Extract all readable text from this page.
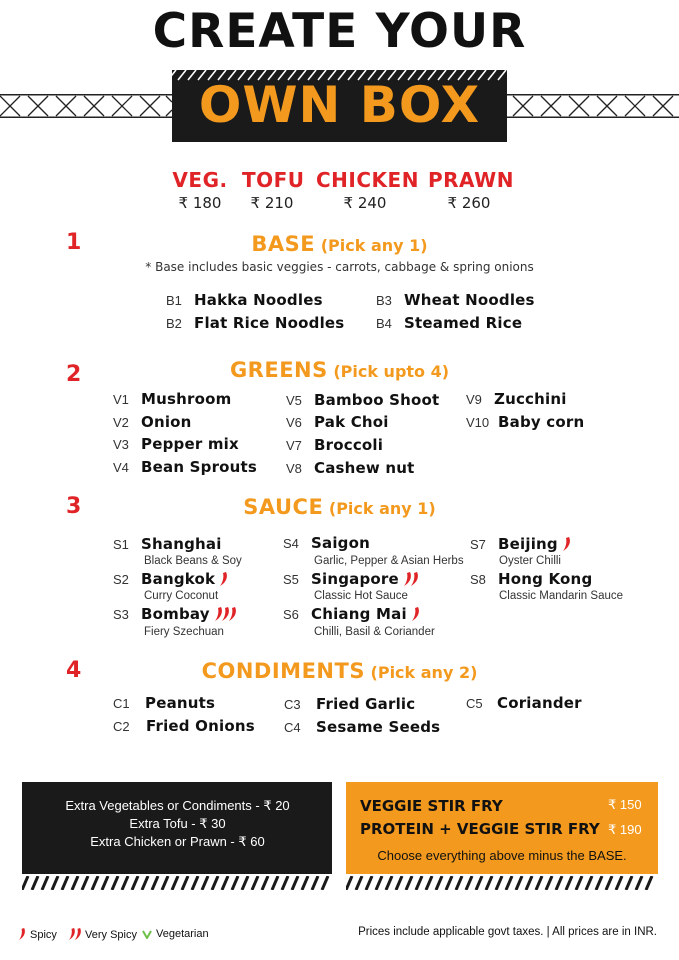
CREATE YOUR
OWN BOX
VEG.
₹ 180
TOFU
₹ 210
CHICKEN
₹ 240
PRAWN
₹ 260
1	BASE (Pick any 1)
* Base includes basic veggies - carrots, cabbage & spring onions
B1 Hakka Noodles
B2 Flat Rice Noodles
B3 Wheat Noodles
B4 Steamed Rice
2	GREENS (Pick upto 4)
V1 Mushroom
V2 Onion
V3 Pepper mix
V4 Bean Sprouts
V5 Bamboo Shoot
V6 Pak Choi
V7 Broccoli
V8 Cashew nut
V9 Zucchini
V10 Baby corn
3	SAUCE (Pick any 1)
S1 Shanghai
Black Beans & Soy
S2 Bangkok
Curry Coconut
S3 Bombay
Fiery Szechuan
S4 Saigon
Garlic, Pepper & Asian Herbs
S5 Singapore
Classic Hot Sauce
S6 Chiang Mai
Chilli, Basil & Coriander
S7 Beijing
Oyster Chilli
S8 Hong Kong
Classic Mandarin Sauce
4	CONDIMENTS (Pick any 2)
C1 Peanuts
C2 Fried Onions
C3 Fried Garlic
C4 Sesame Seeds
C5 Coriander
Extra Vegetables or Condiments - ₹ 20
Extra Tofu - ₹ 30
Extra Chicken or Prawn - ₹ 60
VEGGIE STIR FRY	₹ 150
PROTEIN + VEGGIE STIR FRY ₹ 190
Choose everything above minus the BASE.
Spicy	Very Spicy	Vegetarian	Prices include applicable govt taxes. | All prices are in INR.
